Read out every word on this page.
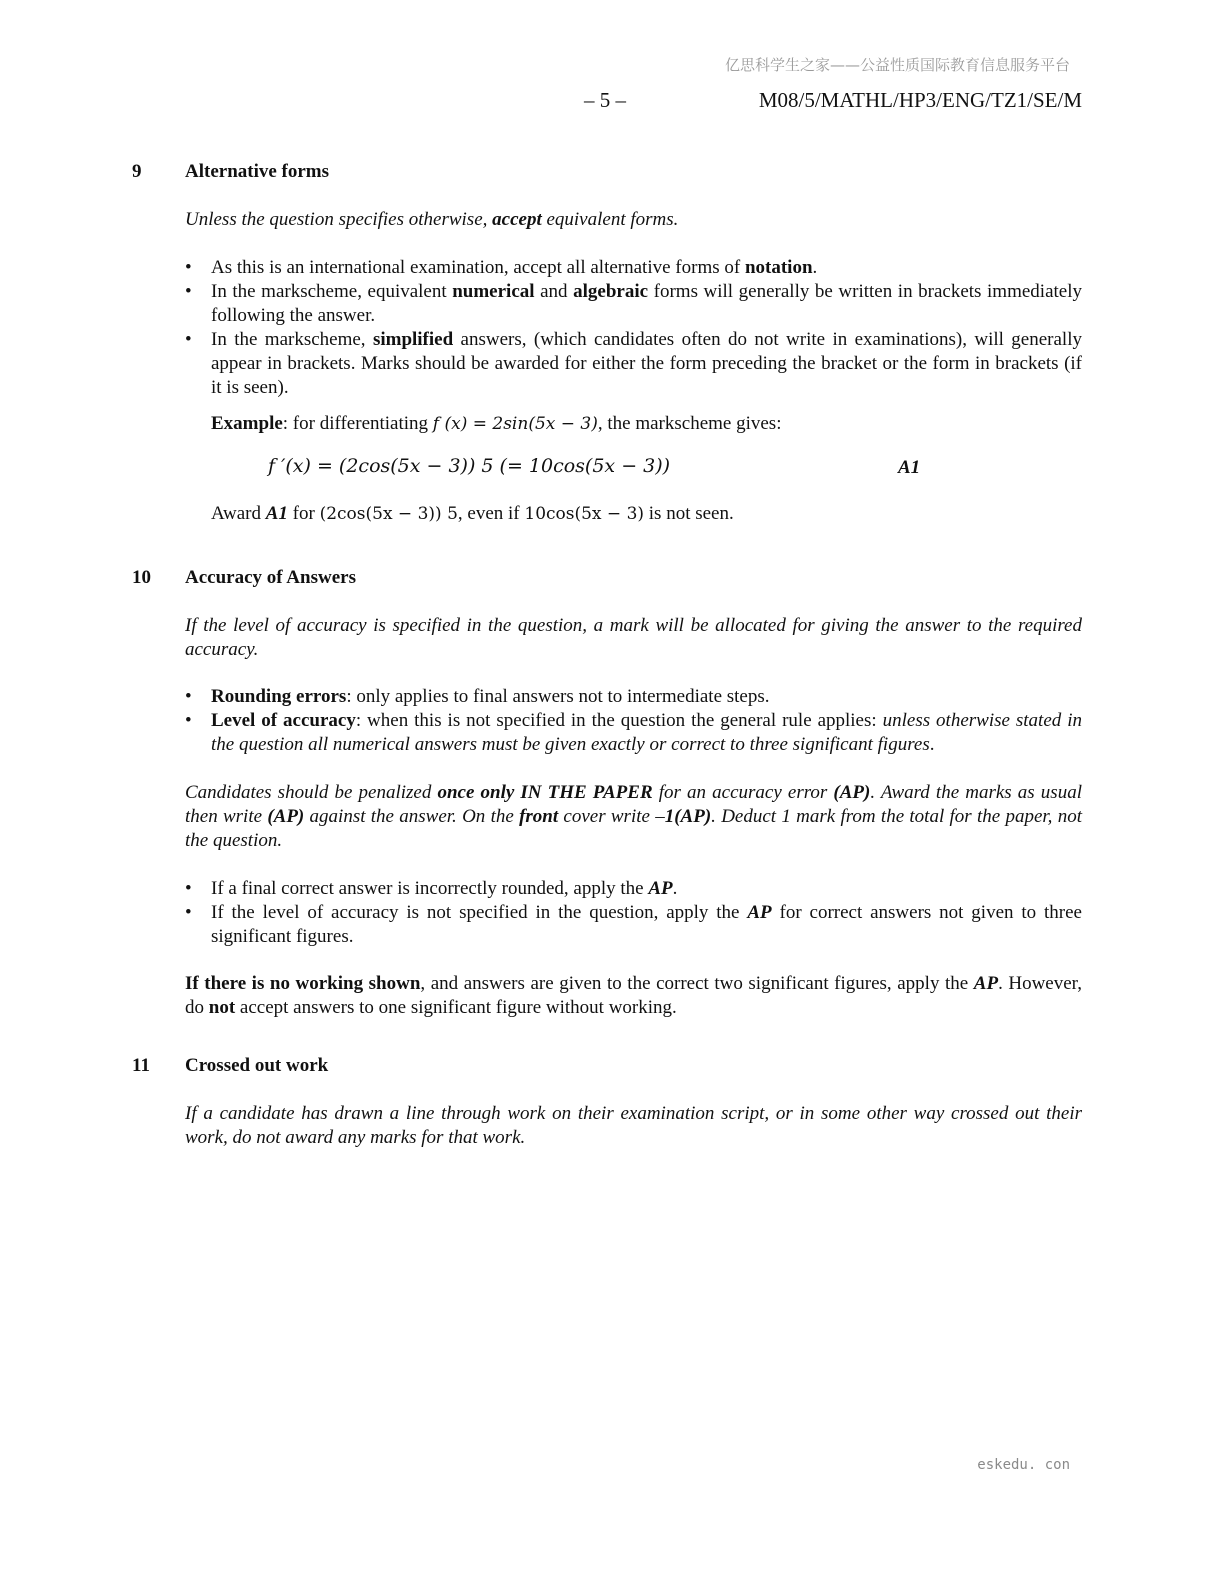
亿思科学生之家——公益性质国际教育信息服务平台
– 5 –	M08/5/MATHL/HP3/ENG/TZ1/SE/M
9 Alternative forms
Unless the question specifies otherwise, accept equivalent forms.
• As this is an international examination, accept all alternative forms of notation.
• In the markscheme, equivalent numerical and algebraic forms will generally be written in brackets immediately following the answer.
• In the markscheme, simplified answers, (which candidates often do not write in examinations), will generally appear in brackets. Marks should be awarded for either the form preceding the bracket or the form in brackets (if it is seen).
Example: for differentiating f (x) = 2sin(5x − 3), the markscheme gives:
f ′(x) = (2cos(5x − 3)) 5 (= 10cos(5x − 3))	A1
Award A1 for (2cos(5x − 3)) 5, even if 10cos(5x − 3) is not seen.
10 Accuracy of Answers
If the level of accuracy is specified in the question, a mark will be allocated for giving the answer to the required accuracy.
• Rounding errors: only applies to final answers not to intermediate steps.
• Level of accuracy: when this is not specified in the question the general rule applies: unless otherwise stated in the question all numerical answers must be given exactly or correct to three significant figures.
Candidates should be penalized once only IN THE PAPER for an accuracy error (AP). Award the marks as usual then write (AP) against the answer. On the front cover write –1(AP). Deduct 1 mark from the total for the paper, not the question.
• If a final correct answer is incorrectly rounded, apply the AP.
• If the level of accuracy is not specified in the question, apply the AP for correct answers not given to three significant figures.
If there is no working shown, and answers are given to the correct two significant figures, apply the AP. However, do not accept answers to one significant figure without working.
11 Crossed out work
If a candidate has drawn a line through work on their examination script, or in some other way crossed out their work, do not award any marks for that work.
eskedu. con
